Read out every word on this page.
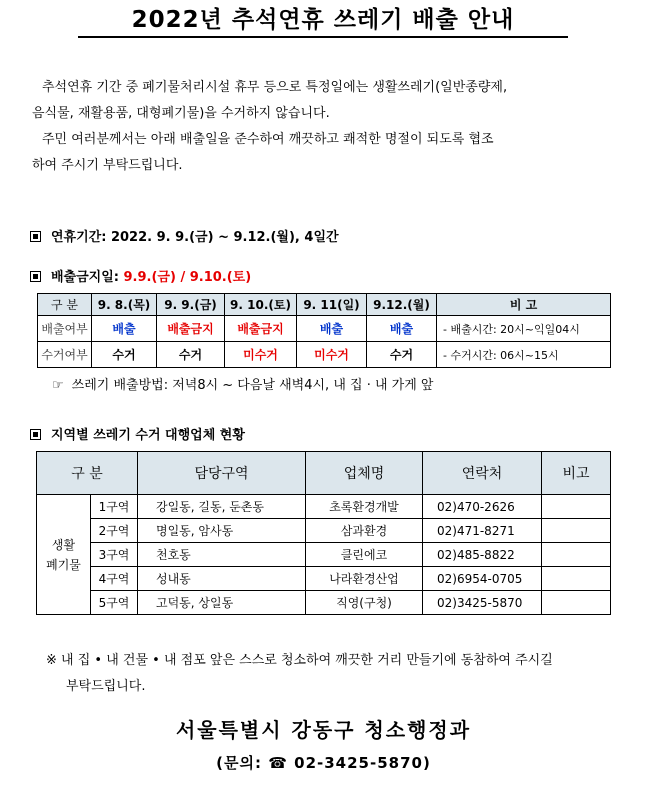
2022년 추석연휴 쓰레기 배출 안내

추석연휴 기간 중 폐기물처리시설 휴무 등으로 특정일에는 생활쓰레기(일반종량제,

음식물, 재활용품, 대형폐기물)을 수거하지 않습니다.

주민 여러분께서는 아래 배출일을 준수하여 깨끗하고 쾌적한 명절이 되도록 협조

하여 주시기 부탁드립니다.

연휴기간: 2022. 9. 9.(금) ~ 9.12.(월), 4일간
배출금지일: 9.9.(금) / 9.10.(토)
구 분	9. 8.(목)	9. 9.(금)	9. 10.(토)	9. 11(일)	9.12.(월)	비 고
배출여부	배출	배출금지	배출금지	배출	배출	- 배출시간: 20시~익일04시
수거여부	수거	수거	미수거	미수거	수거	- 수거시간: 06시~15시
☞ 쓰레기 배출방법: 저녁8시 ~ 다음날 새벽4시, 내 집 · 내 가게 앞
지역별 쓰레기 수거 대행업체 현황
구 분		담당구역	업체명	연락처	비고

생활
폐기물	1구역	강일동, 길동, 둔촌동	초록환경개발	02)470-2626	
	2구역	명일동, 암사동	삼과환경	02)471-8271	
	3구역	천호동	클린에코	02)485-8822	
	4구역	성내동	나라환경산업	02)6954-0705	
	5구역	고덕동, 상일동	직영(구청)	02)3425-5870	
※ 내 집 • 내 건물 • 내 점포 앞은 스스로 청소하여 깨끗한 거리 만들기에 동참하여 주시길
부탁드립니다.
서울특별시 강동구 청소행정과
(문의: ☎ 02-3425-5870)
